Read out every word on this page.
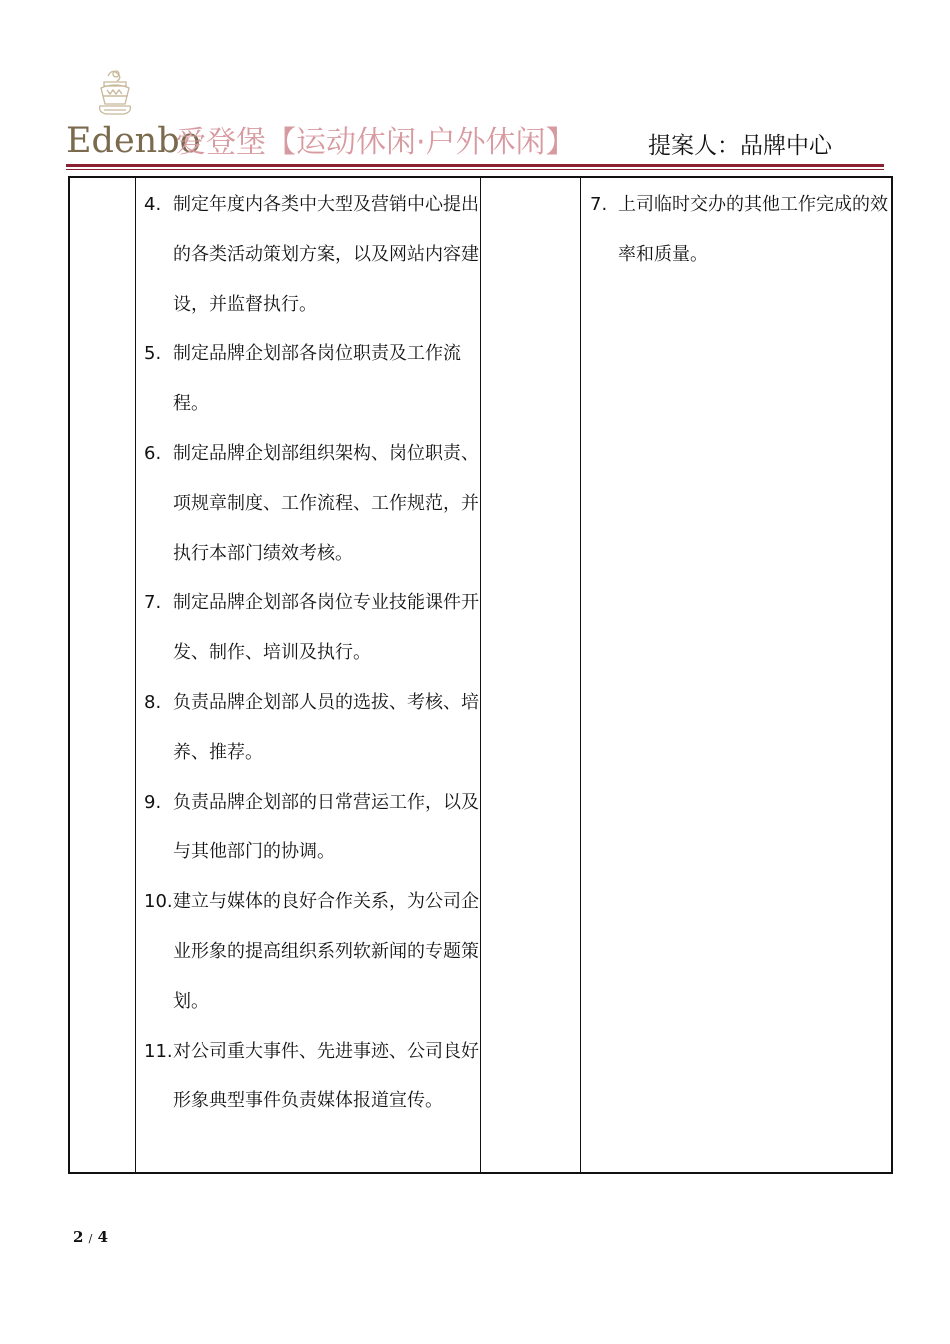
Edenbo
爱登堡【运动休闲·户外休闲】	提案人：品牌中心
4. 制定年度内各类中大型及营销中心提出的各类活动策划方案，以及网站内容建设，并监督执行。
5. 制定品牌企划部各岗位职责及工作流程。
6. 制定品牌企划部组织架构、岗位职责、项规章制度、工作流程、工作规范，并执行本部门绩效考核。
7. 制定品牌企划部各岗位专业技能课件开发、制作、培训及执行。
8. 负责品牌企划部人员的选拔、考核、培养、推荐。
9. 负责品牌企划部的日常营运工作，以及与其他部门的协调。
10. 建立与媒体的良好合作关系，为公司企业形象的提高组织系列软新闻的专题策划。
11. 对公司重大事件、先进事迹、公司良好形象典型事件负责媒体报道宣传。
7. 上司临时交办的其他工作完成的效率和质量。
2 / 4
